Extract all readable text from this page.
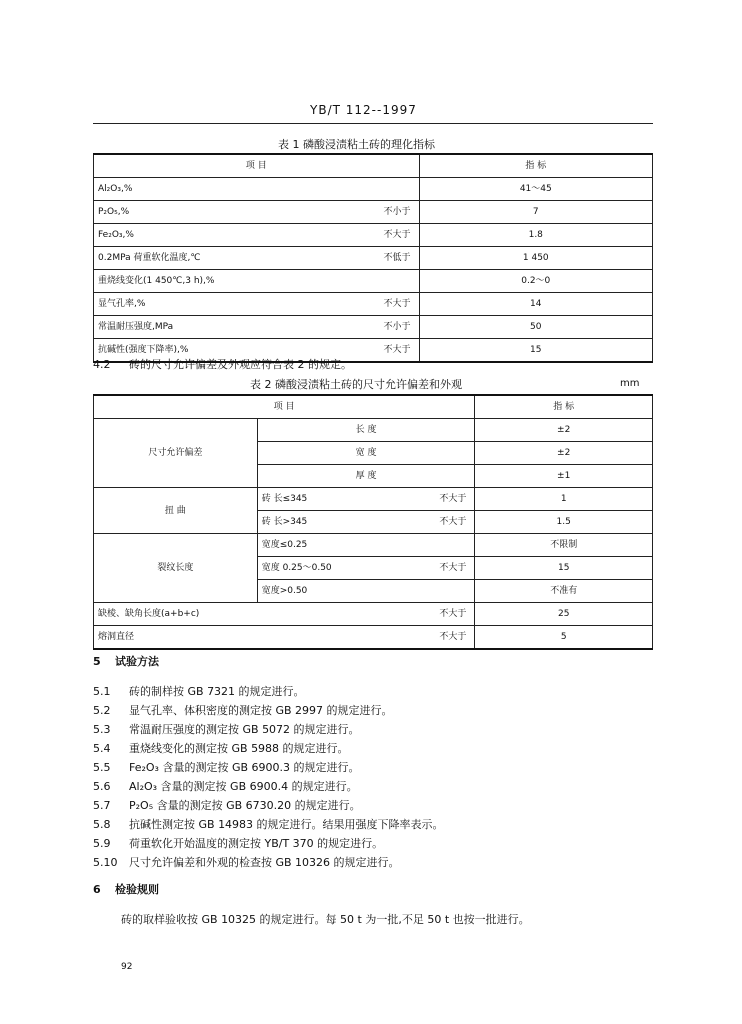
YB/T 112--1997
表 1 磷酸浸渍粘土砖的理化指标
项 目		指 标
Al₂O₃,%		41～45
P₂O₅,%	不小于	7
Fe₂O₃,%	不大于	1.8
0.2MPa 荷重软化温度,℃	不低于	1 450
重烧线变化(1 450℃,3 h),%		0.2～0
显气孔率,%	不大于	14
常温耐压强度,MPa	不小于	50
抗碱性(强度下降率),%	不大于	15
4.2 砖的尺寸允许偏差及外观应符合表 2 的规定。
表 2 磷酸浸渍粘土砖的尺寸允许偏差和外观	mm
项 目			指 标
尺寸允许偏差	长 度		±2
	宽 度		±2
	厚 度		±1
扭 曲	砖 长≤345	不大于	1
	砖 长>345	不大于	1.5
裂纹长度	宽度≤0.25		不限制
	宽度 0.25～0.50	不大于	15
	宽度>0.50		不准有
缺棱、缺角长度(a+b+c)		不大于	25
熔洞直径		不大于	5
5 试验方法
5.1 砖的制样按 GB 7321 的规定进行。
5.2 显气孔率、体积密度的测定按 GB 2997 的规定进行。
5.3 常温耐压强度的测定按 GB 5072 的规定进行。
5.4 重烧线变化的测定按 GB 5988 的规定进行。
5.5 Fe₂O₃ 含量的测定按 GB 6900.3 的规定进行。
5.6 Al₂O₃ 含量的测定按 GB 6900.4 的规定进行。
5.7 P₂O₅ 含量的测定按 GB 6730.20 的规定进行。
5.8 抗碱性测定按 GB 14983 的规定进行。结果用强度下降率表示。
5.9 荷重软化开始温度的测定按 YB/T 370 的规定进行。
5.10 尺寸允许偏差和外观的检查按 GB 10326 的规定进行。
6 检验规则
砖的取样验收按 GB 10325 的规定进行。每 50 t 为一批,不足 50 t 也按一批进行。
92
